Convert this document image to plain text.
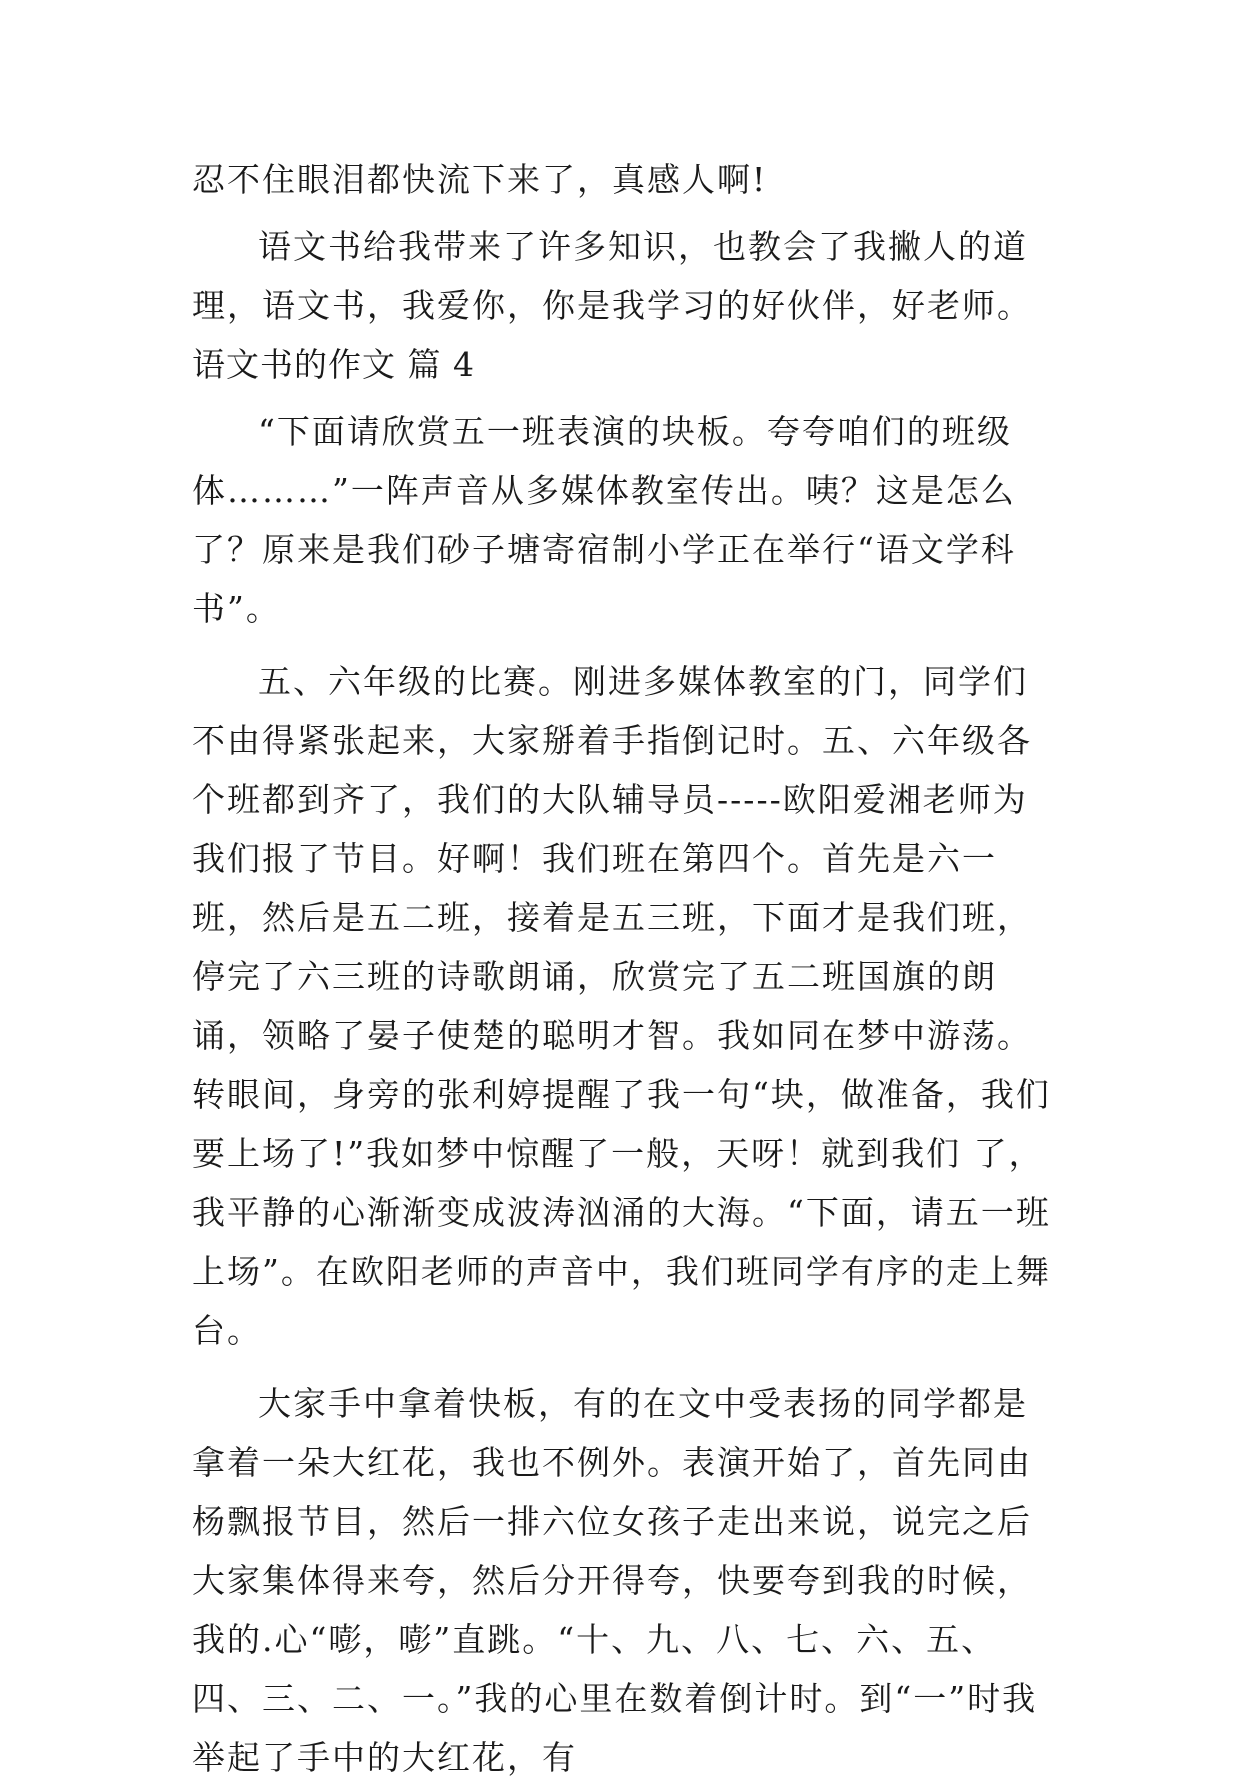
忍不住眼泪都快流下来了，真感人啊!

语文书给我带来了许多知识，也教会了我撇人的道理，语文书，我爱你，你是我学习的好伙伴，好老师。

语文书的作文 篇 4

“下面请欣赏五一班表演的块板。夸夸咱们的班级体………”一阵声音从多媒体教室传出。咦？这是怎么了？原来是我们砂子塘寄宿制小学正在举行“语文学科书”。

五、六年级的比赛。刚进多媒体教室的门，同学们不由得紧张起来，大家掰着手指倒记时。五、六年级各个班都到齐了，我们的大队辅导员-----欧阳爱湘老师为我们报了节目。好啊！我们班在第四个。首先是六一班，然后是五二班，接着是五三班，下面才是我们班，停完了六三班的诗歌朗诵，欣赏完了五二班国旗的朗诵，领略了晏子使楚的聪明才智。我如同在梦中游荡。转眼间，身旁的张利婷提醒了我一句“块，做准备，我们要上场了!”我如梦中惊醒了一般，天呀！就到我们 了，我平静的心渐渐变成波涛汹涌的大海。“下面，请五一班上场”。在欧阳老师的声音中，我们班同学有序的走上舞台。

大家手中拿着快板，有的在文中受表扬的同学都是拿着一朵大红花，我也不例外。表演开始了，首先同由杨飘报节目，然后一排六位女孩子走出来说，说完之后大家集体得来夸，然后分开得夸，快要夸到我的时候，我的.心“嘭，嘭”直跳。“十、九、八、七、六、五、四、三、二、一。”我的心里在数着倒计时。到“一”时我举起了手中的大红花，有
